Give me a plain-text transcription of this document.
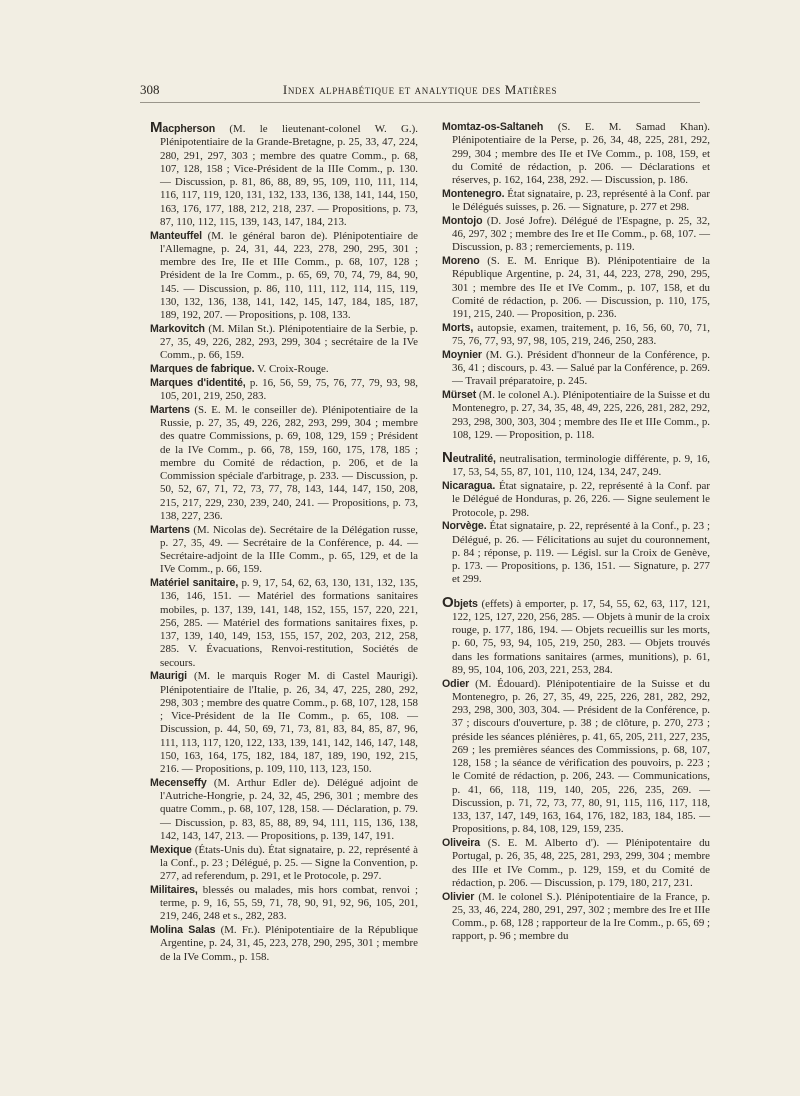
308	Index alphabétique et analytique des Matières

Macpherson (M. le lieutenant-colonel W. G.). Plénipotentiaire de la Grande-Bretagne, p. 25, 33, 47, 224, 280, 291, 297, 303 ; membre des quatre Comm., p. 68, 107, 128, 158 ; Vice-Président de la IIIe Comm., p. 130. — Discussion, p. 81, 86, 88, 89, 95, 109, 110, 111, 114, 116, 117, 119, 120, 131, 132, 133, 136, 138, 141, 144, 150, 163, 176, 177, 188, 212, 218, 237. — Propositions, p. 73, 87, 110, 112, 115, 139, 143, 147, 184, 213.

Manteuffel (M. le général baron de). Plénipotentiaire de l'Allemagne, p. 24, 31, 44, 223, 278, 290, 295, 301 ; membre des Ire, IIe et IIIe Comm., p. 68, 107, 128 ; Président de la Ire Comm., p. 65, 69, 70, 74, 79, 84, 90, 145. — Discussion, p. 86, 110, 111, 112, 114, 115, 119, 130, 132, 136, 138, 141, 142, 145, 147, 184, 185, 187, 189, 192, 207. — Propositions, p. 108, 133.

Markovitch (M. Milan St.). Plénipotentiaire de la Serbie, p. 27, 35, 49, 226, 282, 293, 299, 304 ; secrétaire de la IVe Comm., p. 66, 159.

Marques de fabrique. V. Croix-Rouge.

Marques d'identité, p. 16, 56, 59, 75, 76, 77, 79, 93, 98, 105, 201, 219, 250, 283.

Martens (S. E. M. le conseiller de). Plénipotentiaire de la Russie, p. 27, 35, 49, 226, 282, 293, 299, 304 ; membre des quatre Commissions, p. 69, 108, 129, 159 ; Président de la IVe Comm., p. 66, 78, 159, 160, 175, 178, 185 ; membre du Comité de rédaction, p. 206, et de la Commission spéciale d'arbitrage, p. 233. — Discussion, p. 50, 52, 67, 71, 72, 73, 77, 78, 143, 144, 147, 150, 208, 215, 217, 229, 230, 239, 240, 241. — Propositions, p. 73, 138, 227, 236.

Martens (M. Nicolas de). Secrétaire de la Délégation russe, p. 27, 35, 49. — Secrétaire de la Conférence, p. 44. — Secrétaire-adjoint de la IIIe Comm., p. 65, 129, et de la IVe Comm., p. 66, 159.

Matériel sanitaire, p. 9, 17, 54, 62, 63, 130, 131, 132, 135, 136, 146, 151. — Matériel des formations sanitaires mobiles, p. 137, 139, 141, 148, 152, 155, 157, 220, 221, 256, 285. — Matériel des formations sanitaires fixes, p. 137, 139, 140, 149, 153, 155, 157, 202, 203, 212, 258, 285. V. Évacuations, Renvoi-restitution, Sociétés de secours.

Maurigi (M. le marquis Roger M. di Castel Maurigi). Plénipotentiaire de l'Italie, p. 26, 34, 47, 225, 280, 292, 298, 303 ; membre des quatre Comm., p. 68, 107, 128, 158 ; Vice-Président de la IIe Comm., p. 65, 108. — Discussion, p. 44, 50, 69, 71, 73, 81, 83, 84, 85, 87, 96, 111, 113, 117, 120, 122, 133, 139, 141, 142, 146, 147, 148, 150, 163, 164, 175, 182, 184, 187, 189, 190, 192, 215, 216. — Propositions, p. 109, 110, 113, 123, 150.

Mecenseffy (M. Arthur Edler de). Délégué adjoint de l'Autriche-Hongrie, p. 24, 32, 45, 296, 301 ; membre des quatre Comm., p. 68, 107, 128, 158. — Déclaration, p. 79. — Discussion, p. 83, 85, 88, 89, 94, 111, 115, 136, 138, 142, 143, 147, 213. — Propositions, p. 139, 147, 191.

Mexique (États-Unis du). État signataire, p. 22, représenté à la Conf., p. 23 ; Délégué, p. 25. — Signe la Convention, p. 277, ad referendum, p. 291, et le Protocole, p. 297.

Militaires, blessés ou malades, mis hors combat, renvoi ; terme, p. 9, 16, 55, 59, 71, 78, 90, 91, 92, 96, 105, 201, 219, 246, 248 et s., 282, 283.

Molina Salas (M. Fr.). Plénipotentiaire de la République Argentine, p. 24, 31, 45, 223, 278, 290, 295, 301 ; membre de la IVe Comm., p. 158.

Momtaz-os-Saltaneh (S. E. M. Samad Khan). Plénipotentiaire de la Perse, p. 26, 34, 48, 225, 281, 292, 299, 304 ; membre des IIe et IVe Comm., p. 108, 159, et du Comité de rédaction, p. 206. — Déclarations et réserves, p. 162, 164, 238, 292. — Discussion, p. 186.

Montenegro. État signataire, p. 23, représenté à la Conf. par le Délégués suisses, p. 26. — Signature, p. 277 et 298.

Montojo (D. José Jofre). Délégué de l'Espagne, p. 25, 32, 46, 297, 302 ; membre des Ire et IIe Comm., p. 68, 107. — Discussion, p. 83 ; remerciements, p. 119.

Moreno (S. E. M. Enrique B). Plénipotentiaire de la République Argentine, p. 24, 31, 44, 223, 278, 290, 295, 301 ; membre des IIe et IVe Comm., p. 107, 158, et du Comité de rédaction, p. 206. — Discussion, p. 110, 175, 191, 215, 240. — Proposition, p. 236.

Morts, autopsie, examen, traitement, p. 16, 56, 60, 70, 71, 75, 76, 77, 93, 97, 98, 105, 219, 246, 250, 283.

Moynier (M. G.). Président d'honneur de la Conférence, p. 36, 41 ; discours, p. 43. — Salué par la Conférence, p. 269. — Travail préparatoire, p. 245.

Mürset (M. le colonel A.). Plénipotentiaire de la Suisse et du Montenegro, p. 27, 34, 35, 48, 49, 225, 226, 281, 282, 292, 293, 298, 300, 303, 304 ; membre des IIe et IIIe Comm., p. 108, 129. — Proposition, p. 118.

Neutralité, neutralisation, terminologie différente, p. 9, 16, 17, 53, 54, 55, 87, 101, 110, 124, 134, 247, 249.

Nicaragua. État signataire, p. 22, représenté à la Conf. par le Délégué de Honduras, p. 26, 226. — Signe seulement le Protocole, p. 298.

Norvège. État signataire, p. 22, représenté à la Conf., p. 23 ; Délégué, p. 26. — Félicitations au sujet du couronnement, p. 84 ; réponse, p. 119. — Législ. sur la Croix de Genève, p. 173. — Propositions, p. 136, 151. — Signature, p. 277 et 299.

Objets (effets) à emporter, p. 17, 54, 55, 62, 63, 117, 121, 122, 125, 127, 220, 256, 285. — Objets à munir de la croix rouge, p. 177, 186, 194. — Objets recueillis sur les morts, p. 60, 75, 93, 94, 105, 219, 250, 283. — Objets trouvés dans les formations sanitaires (armes, munitions), p. 61, 89, 95, 104, 106, 203, 221, 253, 284.

Odier (M. Édouard). Plénipotentiaire de la Suisse et du Montenegro, p. 26, 27, 35, 49, 225, 226, 281, 282, 292, 293, 298, 300, 303, 304. — Président de la Conférence, p. 37 ; discours d'ouverture, p. 38 ; de clôture, p. 270, 273 ; préside les séances plénières, p. 41, 65, 205, 211, 227, 235, 269 ; les premières séances des Commissions, p. 68, 107, 128, 158 ; la séance de vérification des pouvoirs, p. 223 ; le Comité de rédaction, p. 206, 243. — Communications, p. 41, 66, 118, 119, 140, 205, 226, 235, 269. — Discussion, p. 71, 72, 73, 77, 80, 91, 115, 116, 117, 118, 133, 137, 147, 149, 163, 164, 176, 182, 183, 184, 185. — Propositions, p. 84, 108, 129, 159, 235.

Oliveira (S. E. M. Alberto d'). — Plénipotentaire du Portugal, p. 26, 35, 48, 225, 281, 293, 299, 304 ; membre des IIIe et IVe Comm., p. 129, 159, et du Comité de rédaction, p. 206. — Discussion, p. 179, 180, 217, 231.

Olivier (M. le colonel S.). Plénipotentiaire de la France, p. 25, 33, 46, 224, 280, 291, 297, 302 ; membre des Ire et IIIe Comm., p. 68, 128 ; rapporteur de la Ire Comm., p. 65, 69 ; rapport, p. 96 ; membre du
